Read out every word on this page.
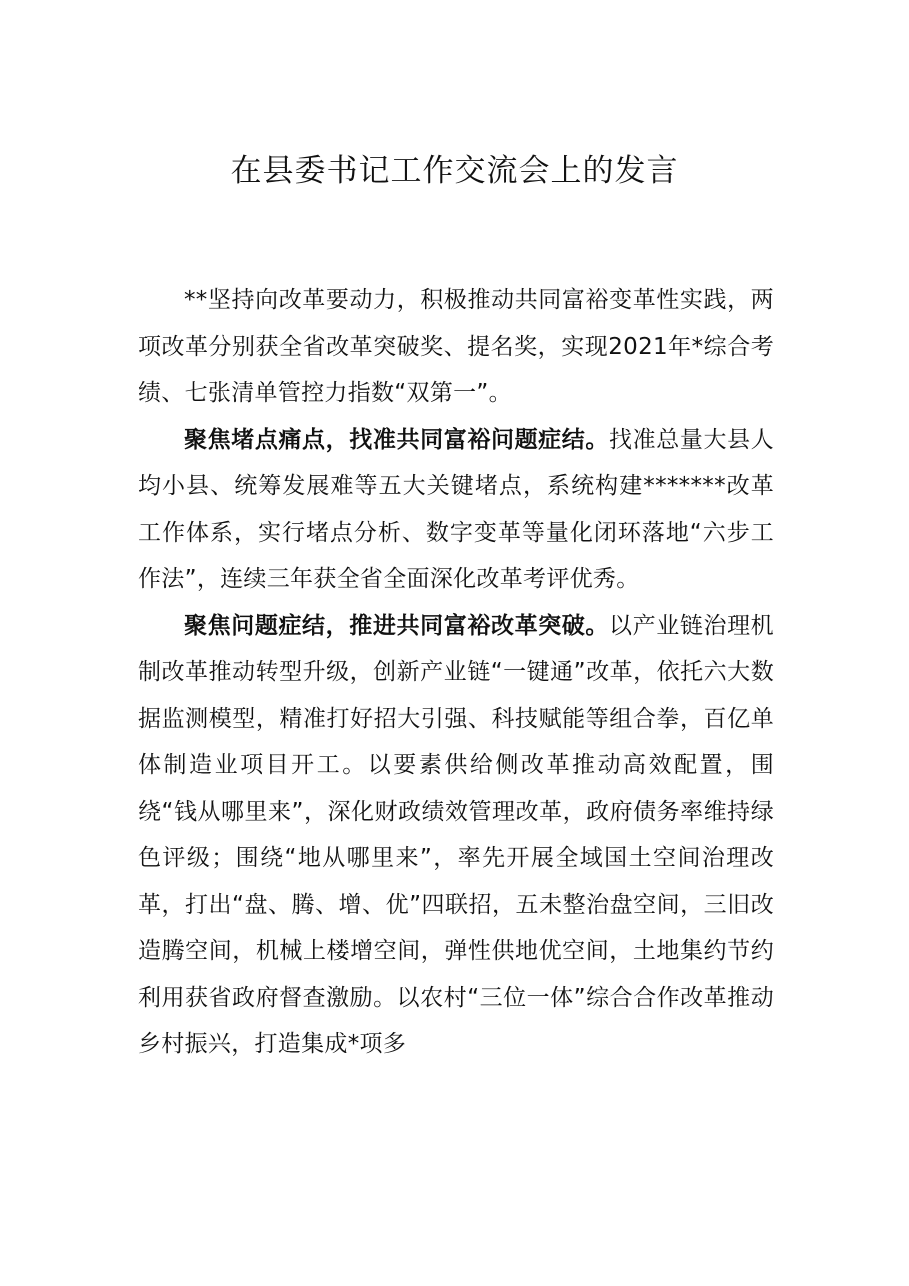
在县委书记工作交流会上的发言

**坚持向改革要动力，积极推动共同富裕变革性实践，两项改革分别获全省改革突破奖、提名奖，实现2021年*综合考绩、七张清单管控力指数“双第一”。

聚焦堵点痛点，找准共同富裕问题症结。找准总量大县人均小县、统筹发展难等五大关键堵点，系统构建*******改革工作体系，实行堵点分析、数字变革等量化闭环落地“六步工作法”，连续三年获全省全面深化改革考评优秀。

聚焦问题症结，推进共同富裕改革突破。以产业链治理机制改革推动转型升级，创新产业链“一键通”改革，依托六大数据监测模型，精准打好招大引强、科技赋能等组合拳，百亿单体制造业项目开工。以要素供给侧改革推动高效配置，围绕“钱从哪里来”，深化财政绩效管理改革，政府债务率维持绿色评级；围绕“地从哪里来”，率先开展全域国土空间治理改革，打出“盘、腾、增、优”四联招，五未整治盘空间，三旧改造腾空间，机械上楼增空间，弹性供地优空间，土地集约节约利用获省政府督查激励。以农村“三位一体”综合合作改革推动乡村振兴，打造集成*项多
